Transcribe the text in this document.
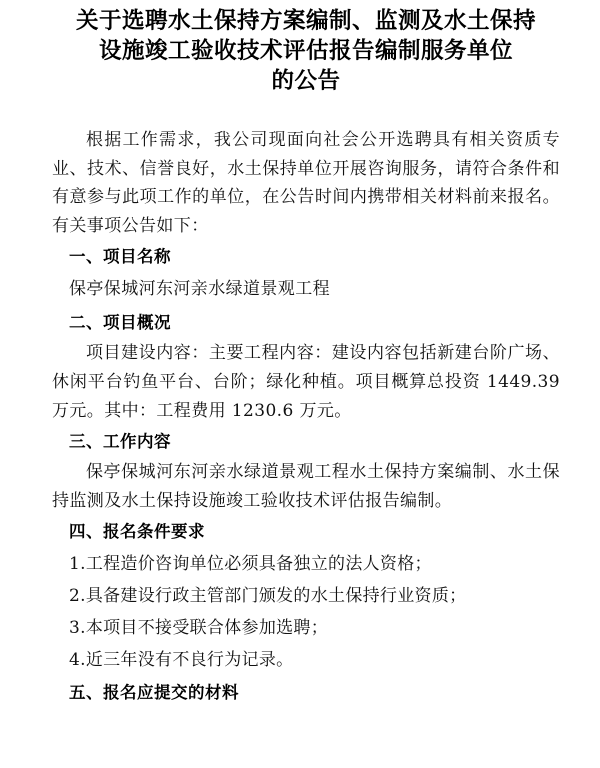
关于选聘水土保持方案编制、监测及水土保持
设施竣工验收技术评估报告编制服务单位
的公告

根据工作需求，我公司现面向社会公开选聘具有相关资质专业、技术、信誉良好，水土保持单位开展咨询服务，请符合条件和有意参与此项工作的单位，在公告时间内携带相关材料前来报名。有关事项公告如下：

一、项目名称

保亭保城河东河亲水绿道景观工程

二、项目概况

项目建设内容：主要工程内容：建设内容包括新建台阶广场、休闲平台钓鱼平台、台阶；绿化种植。项目概算总投资 1449.39 万元。其中：工程费用 1230.6 万元。

三、工作内容

保亭保城河东河亲水绿道景观工程水土保持方案编制、水土保持监测及水土保持设施竣工验收技术评估报告编制。

四、报名条件要求

1.工程造价咨询单位必须具备独立的法人资格；

2.具备建设行政主管部门颁发的水土保持行业资质；

3.本项目不接受联合体参加选聘；

4.近三年没有不良行为记录。

五、报名应提交的材料
